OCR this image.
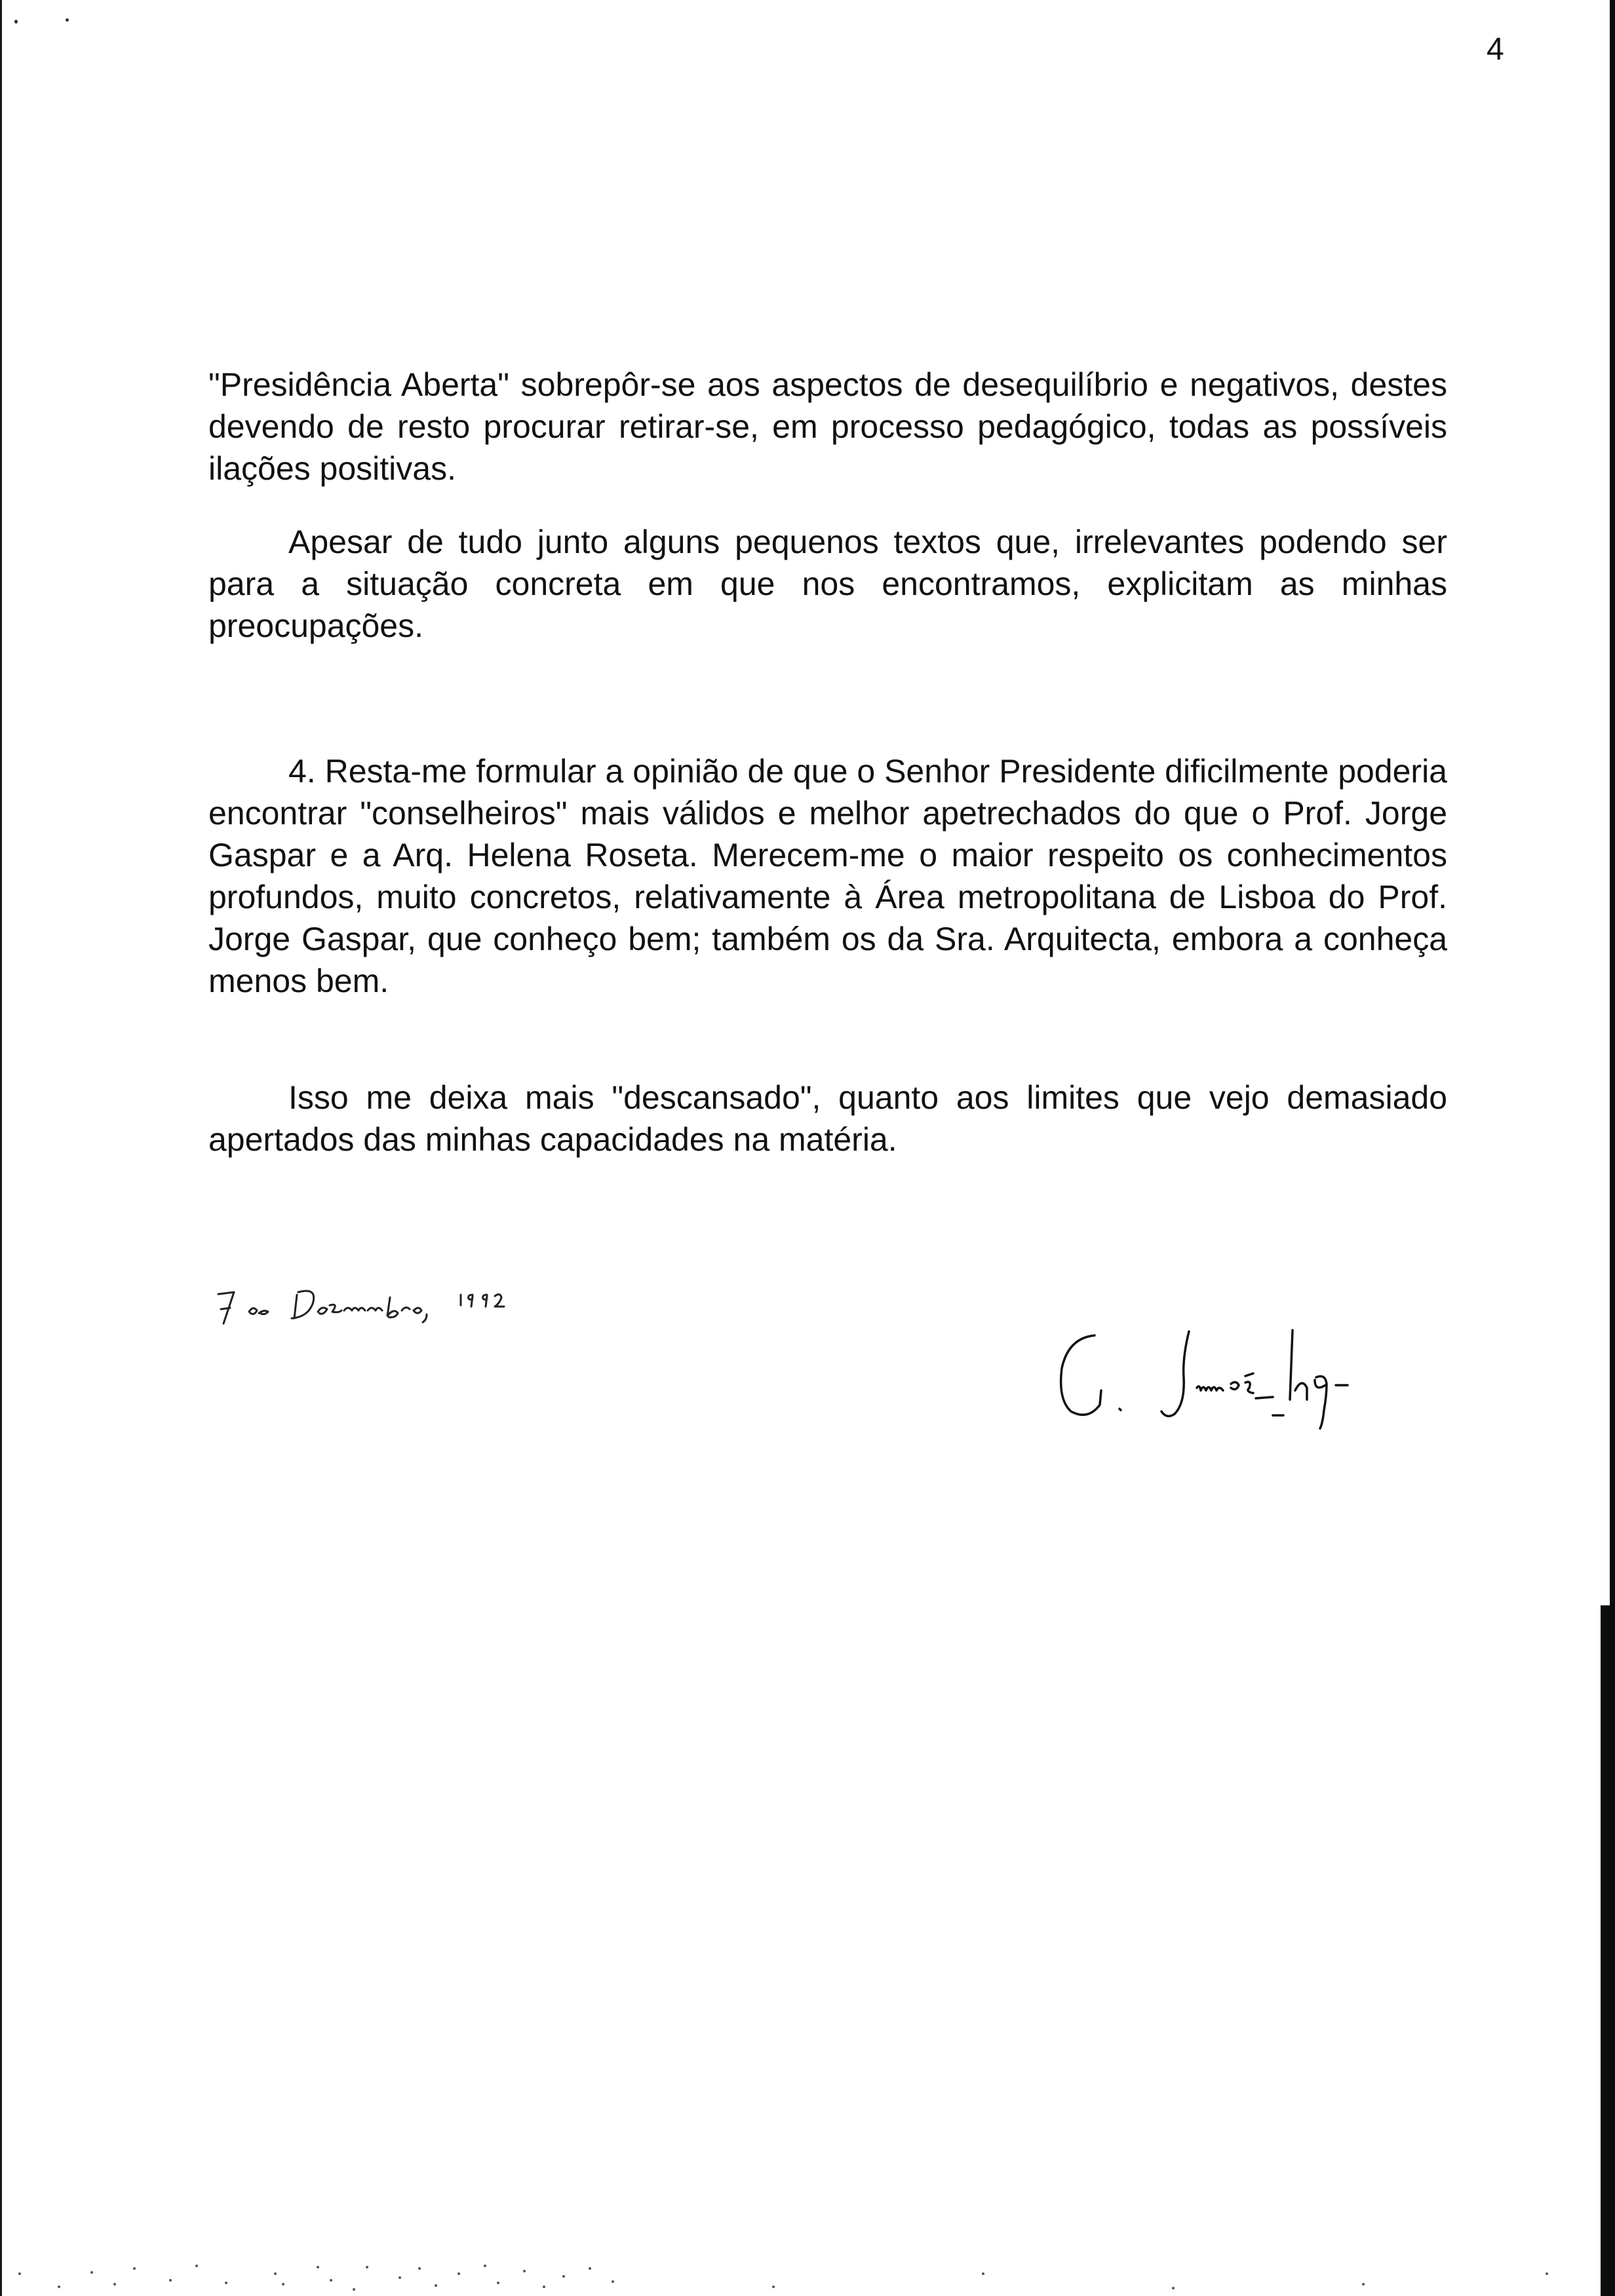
4

"Presidência Aberta" sobrepôr-se aos aspectos de desequilíbrio e negativos, destes devendo de resto procurar retirar-se, em processo pedagógico, todas as possíveis ilações positivas.

Apesar de tudo junto alguns pequenos textos que, irrelevantes podendo ser para a situação concreta em que nos encontramos, explicitam as minhas preocupações.

4. Resta-me formular a opinião de que o Senhor Presidente dificilmente poderia encontrar "conselheiros" mais válidos e melhor apetrechados do que o Prof. Jorge Gaspar e a Arq. Helena Roseta. Merecem-me o maior respeito os conhecimentos profundos, muito concretos, relativamente à Área metropolitana de Lisboa do Prof. Jorge Gaspar, que conheço bem; também os da Sra. Arquitecta, embora a conheça menos bem.

Isso me deixa mais "descansado", quanto aos limites que vejo demasiado apertados das minhas capacidades na matéria.
